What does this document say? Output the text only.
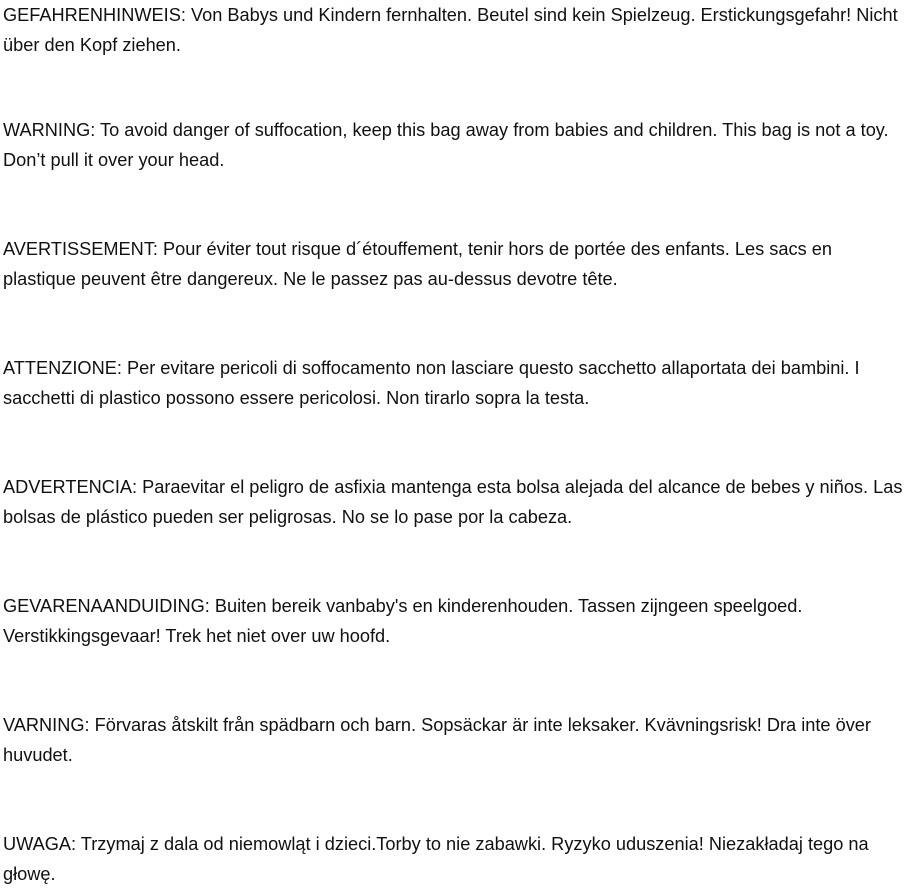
GEFAHRENHINWEIS: Von Babys und Kindern fernhalten. Beutel sind kein Spielzeug. Erstickungsgefahr! Nicht über den Kopf ziehen.

WARNING: To avoid danger of suffocation, keep this bag away from babies and children. This bag is not a toy. Don’t pull it over your head.

AVERTISSEMENT: Pour éviter tout risque d´étouffement, tenir hors de portée des enfants. Les sacs en plastique peuvent être dangereux. Ne le passez pas au-dessus devotre tête.

ATTENZIONE: Per evitare pericoli di soffocamento non lasciare questo sacchetto allaportata dei bambini. I sacchetti di plastico possono essere pericolosi. Non tirarlo sopra la testa.

ADVERTENCIA: Paraevitar el peligro de asfixia mantenga esta bolsa alejada del alcance de bebes y niños. Las bolsas de plástico pueden ser peligrosas. No se lo pase por la cabeza.

GEVARENAANDUIDING: Buiten bereik vanbaby's en kinderenhouden. Tassen zijngeen speelgoed. Verstikkingsgevaar! Trek het niet over uw hoofd.

VARNING: Förvaras åtskilt från spädbarn och barn. Sopsäckar är inte leksaker. Kvävningsrisk! Dra inte över huvudet.

UWAGA: Trzymaj z dala od niemowląt i dzieci.Torby to nie zabawki. Ryzyko uduszenia! Niezakładaj tego na głowę.
